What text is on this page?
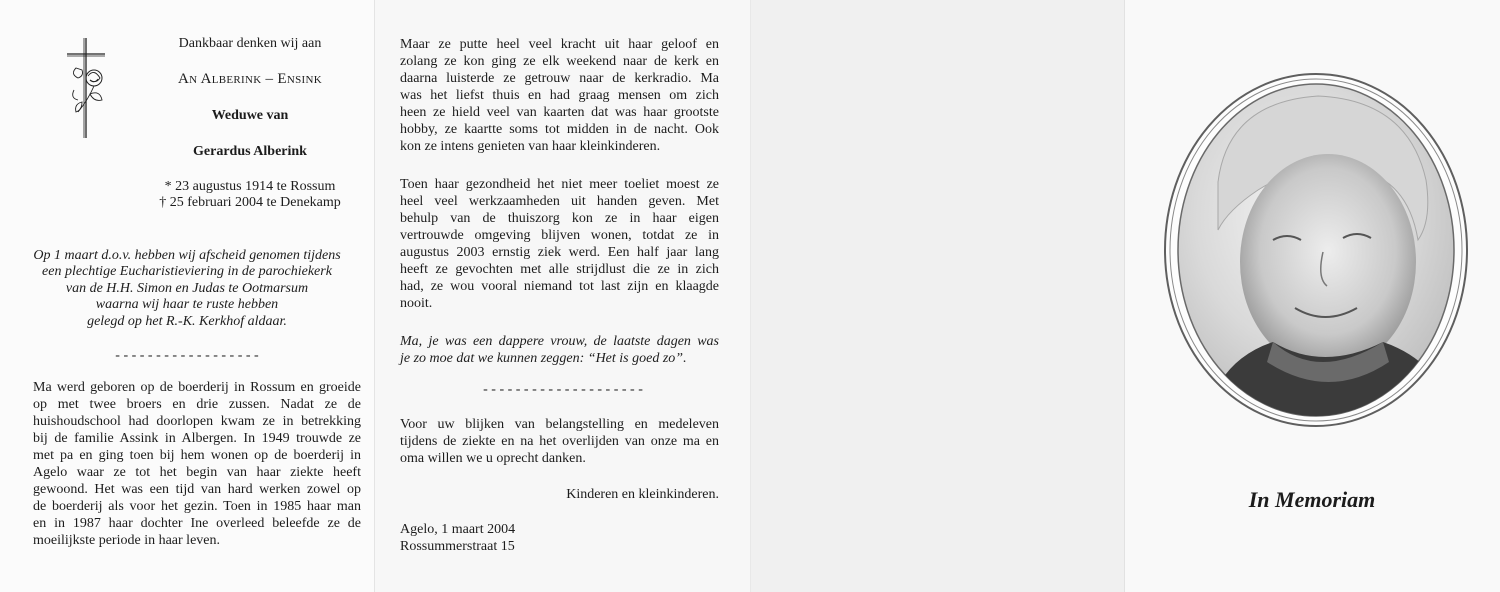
Dankbaar denken wij aan
An Alberink – Ensink
Weduwe van
Gerardus Alberink
* 23 augustus 1914 te Rossum
† 25 februari 2004 te Denekamp
Op 1 maart d.o.v. hebben wij afscheid genomen tijdens
een plechtige Eucharistieviering in de parochiekerk
van de H.H. Simon en Judas te Ootmarsum
waarna wij haar te ruste hebben
gelegd op het R.-K. Kerkhof aldaar.
- - - - - - - - - - - - - - - - - -
Ma werd geboren op de boerderij in Rossum en groeide
op met twee broers en drie zussen. Nadat ze de
huishoudschool had doorlopen kwam ze in betrekking
bij de familie Assink in Albergen. In 1949 trouwde ze
met pa en ging toen bij hem wonen op de boerderij in
Agelo waar ze tot het begin van haar ziekte heeft
gewoond. Het was een tijd van hard werken zowel op
de boerderij als voor het gezin. Toen in 1985 haar man
en in 1987 haar dochter Ine overleed beleefde ze de
moeilijkste periode in haar leven.
Maar ze putte heel veel kracht uit haar geloof en
zolang ze kon ging ze elk weekend naar de kerk en
daarna luisterde ze getrouw naar de kerkradio. Ma
was het liefst thuis en had graag mensen om zich
heen ze hield veel van kaarten dat was haar grootste
hobby, ze kaartte soms tot midden in de nacht. Ook
kon ze intens genieten van haar kleinkinderen.
Toen haar gezondheid het niet meer toeliet moest ze
heel veel werkzaamheden uit handen geven. Met
behulp van de thuiszorg kon ze in haar eigen
vertrouwde omgeving blijven wonen, totdat ze in
augustus 2003 ernstig ziek werd. Een half jaar lang
heeft ze gevochten met alle strijdlust die ze in zich
had, ze wou vooral niemand tot last zijn en klaagde
nooit.
Ma, je was een dappere vrouw, de laatste dagen was
je zo moe dat we kunnen zeggen: “Het is goed zo”.
- - - - - - - - - - - - - - - - - - - -
Voor uw blijken van belangstelling en medeleven
tijdens de ziekte en na het overlijden van onze ma en
oma willen we u oprecht danken.
Kinderen en kleinkinderen.
Agelo, 1 maart 2004
Rossummerstraat 15
In Memoriam
